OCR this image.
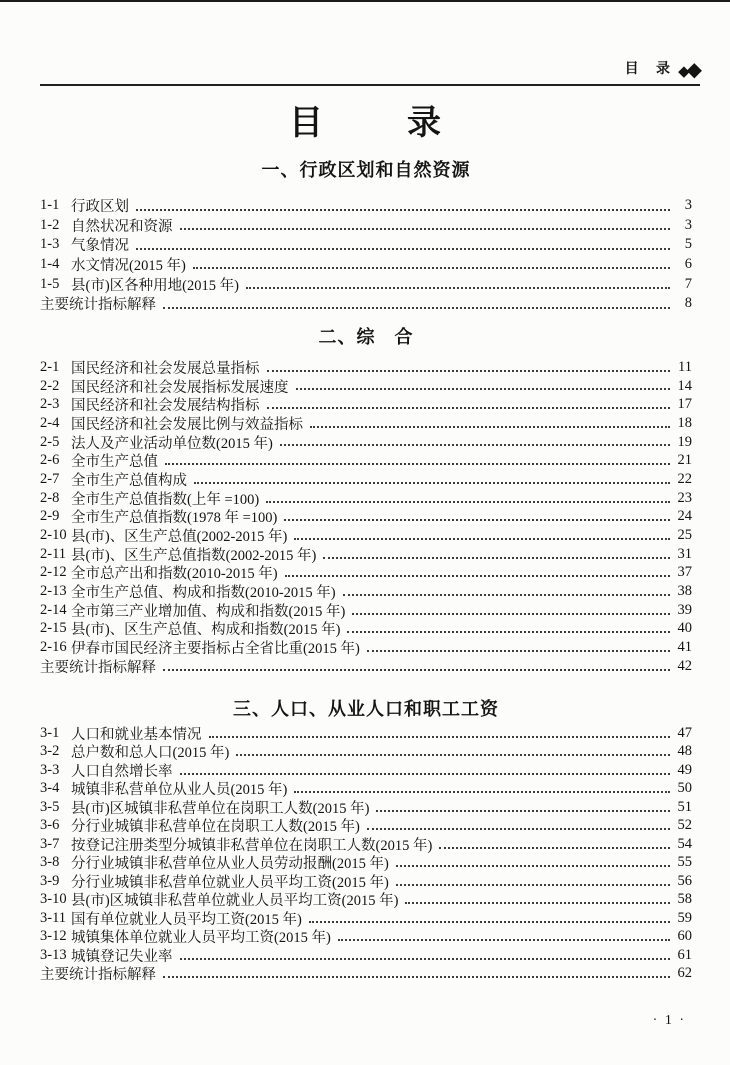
目 录 ◆
◆
目 录
一、行政区划和自然资源
1-1 行政区划	3
1-2 自然状况和资源	3
1-3 气象情况	5
1-4 水文情况(2015 年)	6
1-5 县(市)区各种用地(2015 年)	7
主要统计指标解释	8
二、综　合
2-1 国民经济和社会发展总量指标	11
2-2 国民经济和社会发展指标发展速度	14
2-3 国民经济和社会发展结构指标	17
2-4 国民经济和社会发展比例与效益指标	18
2-5 法人及产业活动单位数(2015 年)	19
2-6 全市生产总值	21
2-7 全市生产总值构成	22
2-8 全市生产总值指数(上年 =100)	23
2-9 全市生产总值指数(1978 年 =100)	24
2-10 县(市)、区生产总值(2002-2015 年)	25
2-11 县(市)、区生产总值指数(2002-2015 年)	31
2-12 全市总产出和指数(2010-2015 年)	37
2-13 全市生产总值、构成和指数(2010-2015 年)	38
2-14 全市第三产业增加值、构成和指数(2015 年)	39
2-15 县(市)、区生产总值、构成和指数(2015 年)	40
2-16 伊春市国民经济主要指标占全省比重(2015 年)	41
主要统计指标解释	42
三、人口、从业人口和职工工资
3-1 人口和就业基本情况	47
3-2 总户数和总人口(2015 年)	48
3-3 人口自然增长率	49
3-4 城镇非私营单位从业人员(2015 年)	50
3-5 县(市)区城镇非私营单位在岗职工人数(2015 年)	51
3-6 分行业城镇非私营单位在岗职工人数(2015 年)	52
3-7 按登记注册类型分城镇非私营单位在岗职工人数(2015 年)	54
3-8 分行业城镇非私营单位从业人员劳动报酬(2015 年)	55
3-9 分行业城镇非私营单位就业人员平均工资(2015 年)	56
3-10 县(市)区城镇非私营单位就业人员平均工资(2015 年)	58
3-11 国有单位就业人员平均工资(2015 年)	59
3-12 城镇集体单位就业人员平均工资(2015 年)	60
3-13 城镇登记失业率	61
主要统计指标解释	62
· 1 ·
